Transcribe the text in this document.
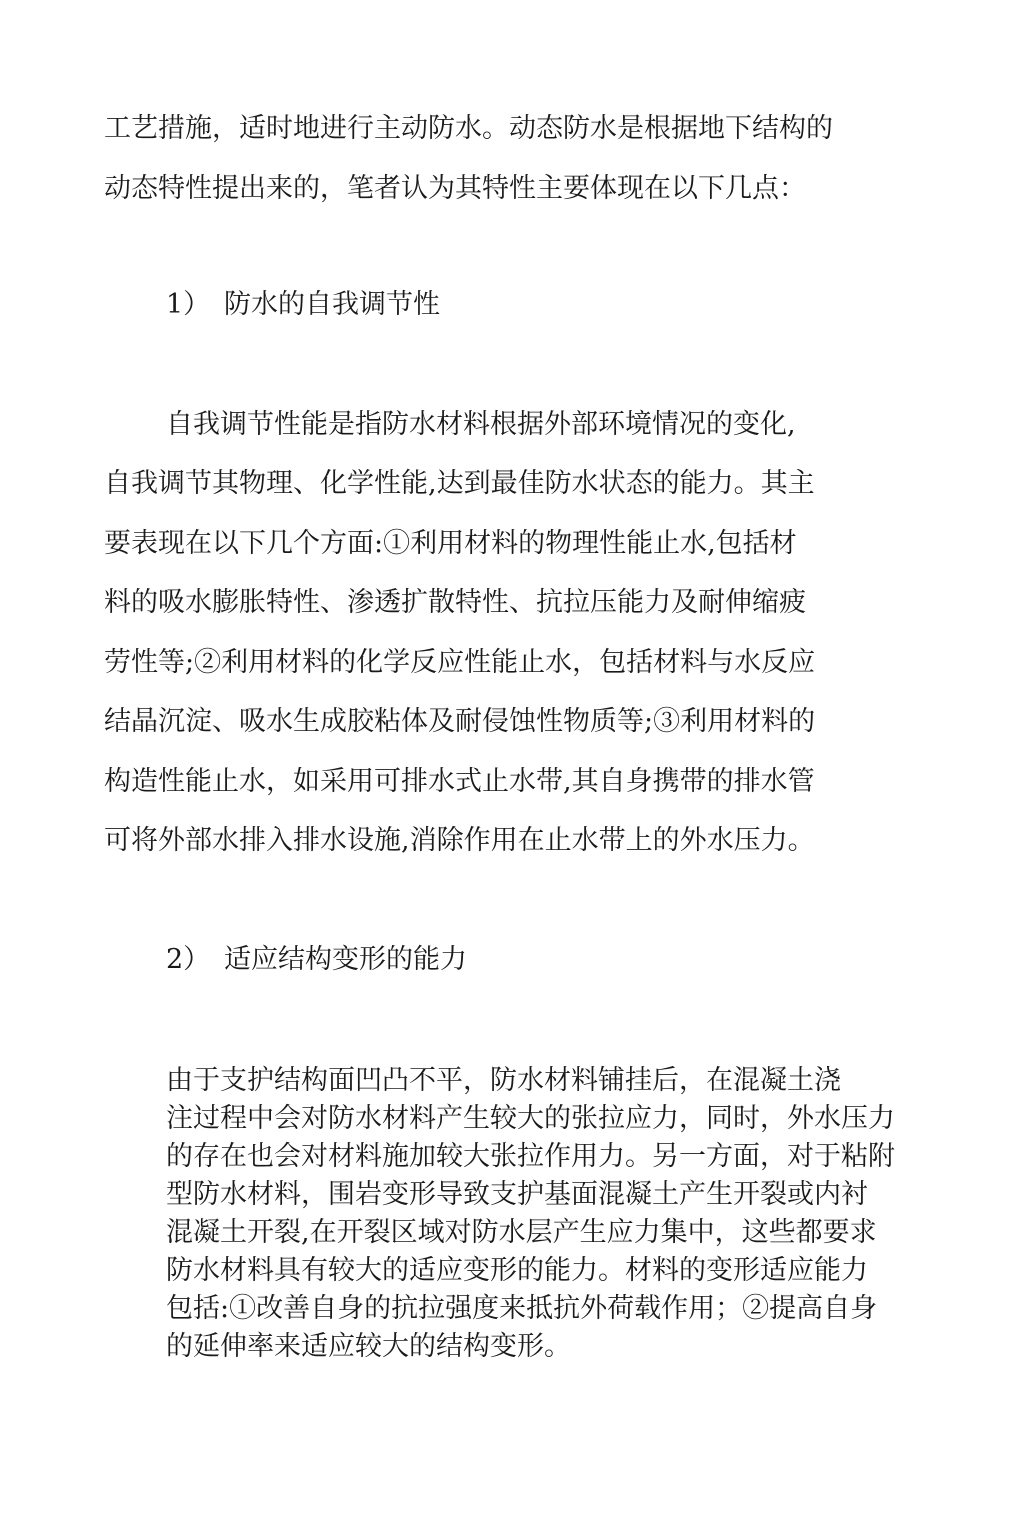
工艺措施，适时地进行主动防水。动态防水是根据地下结构的
动态特性提出来的，笔者认为其特性主要体现在以下几点：
1） 防水的自我调节性
自我调节性能是指防水材料根据外部环境情况的变化,
自我调节其物理、化学性能,达到最佳防水状态的能力。其主
要表现在以下几个方面:①利用材料的物理性能止水,包括材
料的吸水膨胀特性、渗透扩散特性、抗拉压能力及耐伸缩疲
劳性等;②利用材料的化学反应性能止水，包括材料与水反应
结晶沉淀、吸水生成胶粘体及耐侵蚀性物质等;③利用材料的
构造性能止水，如采用可排水式止水带,其自身携带的排水管
可将外部水排入排水设施,消除作用在止水带上的外水压力。
2） 适应结构变形的能力
由于支护结构面凹凸不平，防水材料铺挂后，在混凝土浇
注过程中会对防水材料产生较大的张拉应力，同时，外水压力
的存在也会对材料施加较大张拉作用力。另一方面，对于粘附
型防水材料，围岩变形导致支护基面混凝土产生开裂或内衬
混凝土开裂,在开裂区域对防水层产生应力集中，这些都要求
防水材料具有较大的适应变形的能力。材料的变形适应能力
包括:①改善自身的抗拉强度来抵抗外荷载作用；②提高自身
的延伸率来适应较大的结构变形。
